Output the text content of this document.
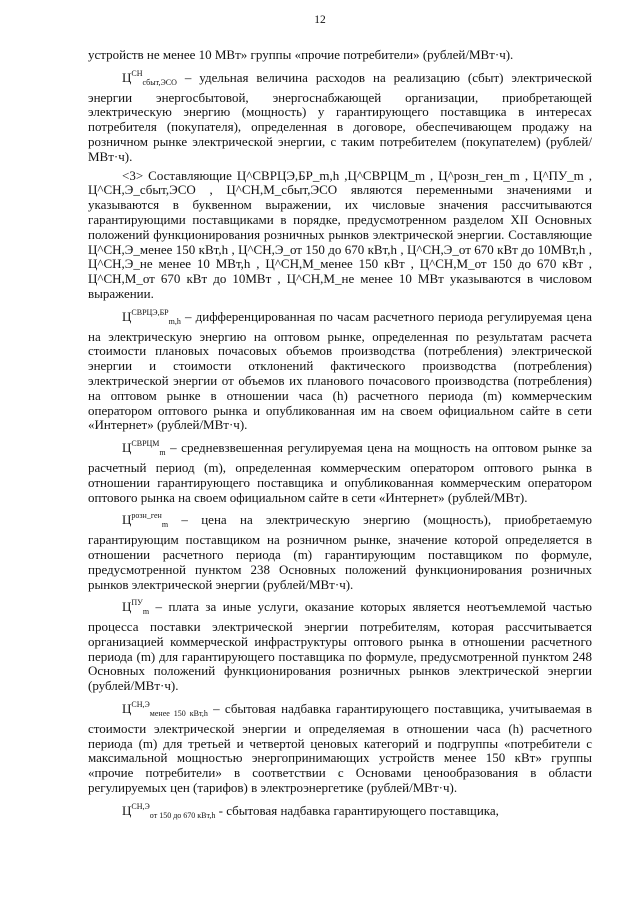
12

устройств не менее 10 МВт» группы «прочие потребители» (рублей/МВт·ч).

$Ц^{СН}_{сбыт,ЭСО}$ – удельная величина расходов на реализацию (сбыт) электрической энергии энергосбытовой, энергоснабжающей организации, приобретающей электрическую энергию (мощность) у гарантирующего поставщика в интересах потребителя (покупателя), определенная в договоре, обеспечивающем продажу на розничном рынке электрической энергии, с таким потребителем (покупателем) (рублей/МВт·ч).

<3> Составляющие Ц^СВРЦЭ,БР_m,h ,Ц^СВРЦМ_m , Ц^розн_ген_m , Ц^ПУ_m , Ц^СН,Э_сбыт,ЭСО , Ц^СН,М_сбыт,ЭСО являются переменными значениями и указываются в буквенном выражении, их числовые значения рассчитываются гарантирующими поставщиками в порядке, предусмотренном разделом XII Основных положений функционирования розничных рынков электрической энергии. Составляющие Ц^СН,Э_менее 150 кВт,h , Ц^СН,Э_от 150 до 670 кВт,h , Ц^СН,Э_от 670 кВт до 10МВт,h , Ц^СН,Э_не менее 10 МВт,h , Ц^СН,М_менее 150 кВт , Ц^СН,М_от 150 до 670 кВт , Ц^СН,М_от 670 кВт до 10МВт , Ц^СН,М_не менее 10 МВт указываются в числовом выражении.

$Ц^{СВРЦЭ,БР}_{m,h}$ – дифференцированная по часам расчетного периода регулируемая цена на электрическую энергию на оптовом рынке, определенная по результатам расчета стоимости плановых почасовых объемов производства (потребления) электрической энергии и стоимости отклонений фактического производства (потребления) электрической энергии от объемов их планового почасового производства (потребления) на оптовом рынке в отношении часа (h) расчетного периода (m) коммерческим оператором оптового рынка и опубликованная им на своем официальном сайте в сети «Интернет» (рублей/МВт·ч).

$Ц^{СВРЦМ}_m$ – средневзвешенная регулируемая цена на мощность на оптовом рынке за расчетный период (m), определенная коммерческим оператором оптового рынка в отношении гарантирующего поставщика и опубликованная коммерческим оператором оптового рынка на своем официальном сайте в сети «Интернет» (рублей/МВт).

$Ц^{розн\_ген}_m$ – цена на электрическую энергию (мощность), приобретаемую гарантирующим поставщиком на розничном рынке, значение которой определяется в отношении расчетного периода (m) гарантирующим поставщиком по формуле, предусмотренной пунктом 238 Основных положений функционирования розничных рынков электрической энергии (рублей/МВт·ч).

$Ц^{ПУ}_m$ – плата за иные услуги, оказание которых является неотъемлемой частью процесса поставки электрической энергии потребителям, которая рассчитывается организацией коммерческой инфраструктуры оптового рынка в отношении расчетного периода (m) для гарантирующего поставщика по формуле, предусмотренной пунктом 248 Основных положений функционирования розничных рынков электрической энергии (рублей/МВт·ч).

$Ц^{СН,Э}_{менее 150 кВт,h}$ – сбытовая надбавка гарантирующего поставщика, учитываемая в стоимости электрической энергии и определяемая в отношении часа (h) расчетного периода (m) для третьей и четвертой ценовых категорий и подгруппы «потребители с максимальной мощностью энергопринимающих устройств менее 150 кВт» группы «прочие потребители» в соответствии с Основами ценообразования в области регулируемых цен (тарифов) в электроэнергетике (рублей/МВт·ч).

$Ц^{СН,Э}_{от 150 до 670 кВт,h}$ - сбытовая надбавка гарантирующего поставщика,
